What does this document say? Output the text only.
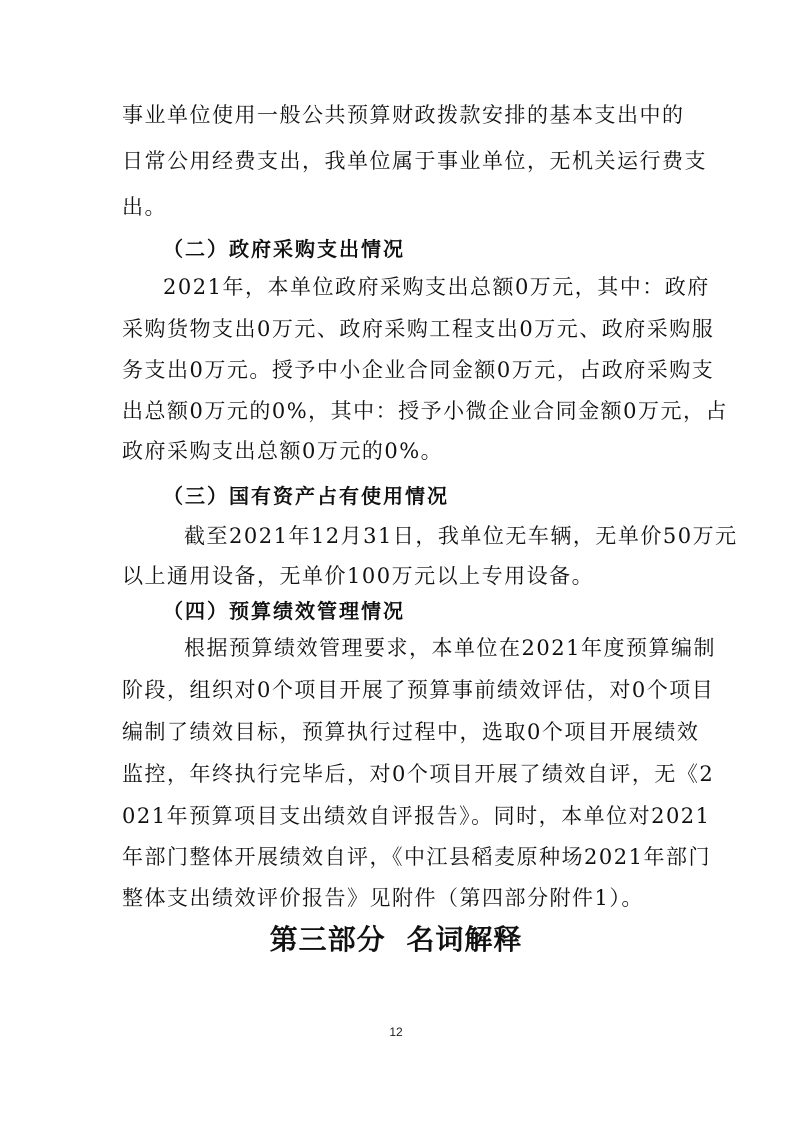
事业单位使用一般公共预算财政拨款安排的基本支出中的
日常公用经费支出，我单位属于事业单位，无机关运行费支
出。
（二）政府采购支出情况
2021年，本单位政府采购支出总额0万元，其中：政府
采购货物支出0万元、政府采购工程支出0万元、政府采购服
务支出0万元。授予中小企业合同金额0万元，占政府采购支
出总额0万元的0%，其中：授予小微企业合同金额0万元，占
政府采购支出总额0万元的0%。
（三）国有资产占有使用情况
截至2021年12月31日，我单位无车辆，无单价50万元
以上通用设备，无单价100万元以上专用设备。
（四）预算绩效管理情况
根据预算绩效管理要求，本单位在2021年度预算编制
阶段，组织对0个项目开展了预算事前绩效评估，对0个项目
编制了绩效目标，预算执行过程中，选取0个项目开展绩效
监控，年终执行完毕后，对0个项目开展了绩效自评，无《2
021年预算项目支出绩效自评报告》。同时，本单位对2021
年部门整体开展绩效自评，《中江县稻麦原种场2021年部门
整体支出绩效评价报告》见附件（第四部分附件1）。
第三部分 名词解释
12
